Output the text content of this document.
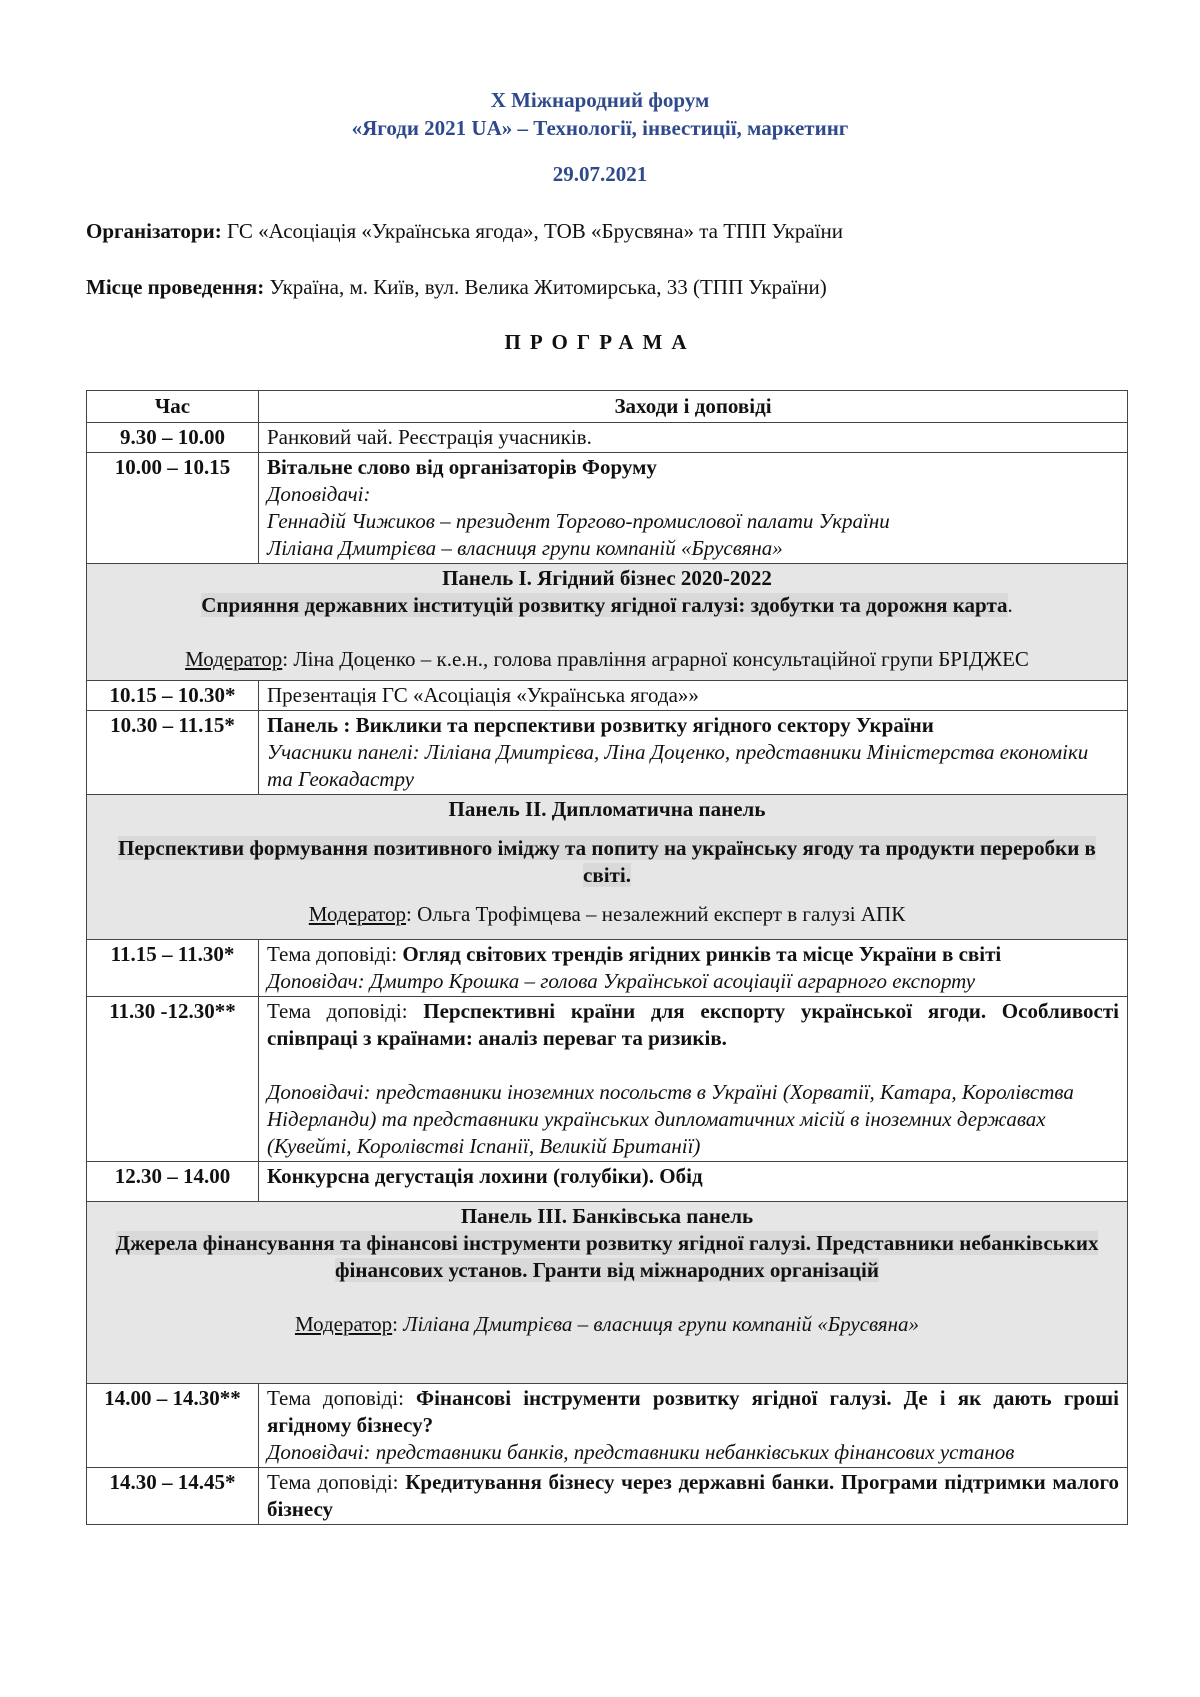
X Міжнародний форум
«Ягоди 2021 UA» – Технології, інвестиції, маркетинг
29.07.2021
Організатори: ГС «Асоціація «Українська ягода», ТОВ «Брусвяна» та ТПП України
Місце проведення: Україна, м. Київ, вул. Велика Житомирська, 33 (ТПП України)
ПРОГРАМА
Час	Заходи і доповіді
9.30 – 10.00	Ранковий чай. Реєстрація учасників.
10.00 – 10.15	Вітальне слово від організаторів Форуму
Доповідачі:
Геннадій Чижиков – президент Торгово-промислової палати України
Ліліана Дмитрієва – власниця групи компаній «Брусвяна»

Панель І. Ягідний бізнес 2020-2022
Сприяння державних інституцій розвитку ягідної галузі: здобутки та дорожня карта.
Модератор: Ліна Доценко – к.е.н., голова правління аграрної консультаційної групи БРІДЖЕС	

10.15 – 10.30*	Презентація ГС «Асоціація «Українська ягода»»
10.30 – 11.15*	Панель : Виклики та перспективи розвитку ягідного сектору України
Учасники панелі: Ліліана Дмитрієва, Ліна Доценко, представники Міністерства економіки та Геокадастру

Панель ІІ. Дипломатична панель
Перспективи формування позитивного іміджу та попиту на українську ягоду та продукти переробки в світі.
Модератор: Ольга Трофімцева – незалежний експерт в галузі АПК	

11.15 – 11.30*	Тема доповіді: Огляд світових трендів ягідних ринків та місце України в світі
Доповідач: Дмитро Крошка – голова Української асоціації аграрного експорту

11.30 -12.30**	Тема доповіді: Перспективні країни для експорту української ягоди. Особливості співпраці з країнами: аналіз переваг та ризиків.
Доповідачі: представники іноземних посольств в Україні (Хорватії, Катара, Королівства Нідерланди) та представники українських дипломатичних місій в іноземних державах (Кувейті, Королівстві Іспанії, Великій Британії)

12.30 – 14.00	Конкурсна дегустація лохини (голубіки). Обід

Панель ІІІ. Банківська панель
Джерела фінансування та фінансові інструменти розвитку ягідної галузі. Представники небанківських фінансових установ. Гранти від міжнародних організацій
Модератор: Ліліана Дмитрієва – власниця групи компаній «Брусвяна»	

14.00 – 14.30**	Тема доповіді: Фінансові інструменти розвитку ягідної галузі. Де і як дають гроші ягідному бізнесу?
Доповідачі: представники банків, представники небанківських фінансових установ

14.30 – 14.45*	Тема доповіді: Кредитування бізнесу через державні банки. Програми підтримки малого бізнесу
